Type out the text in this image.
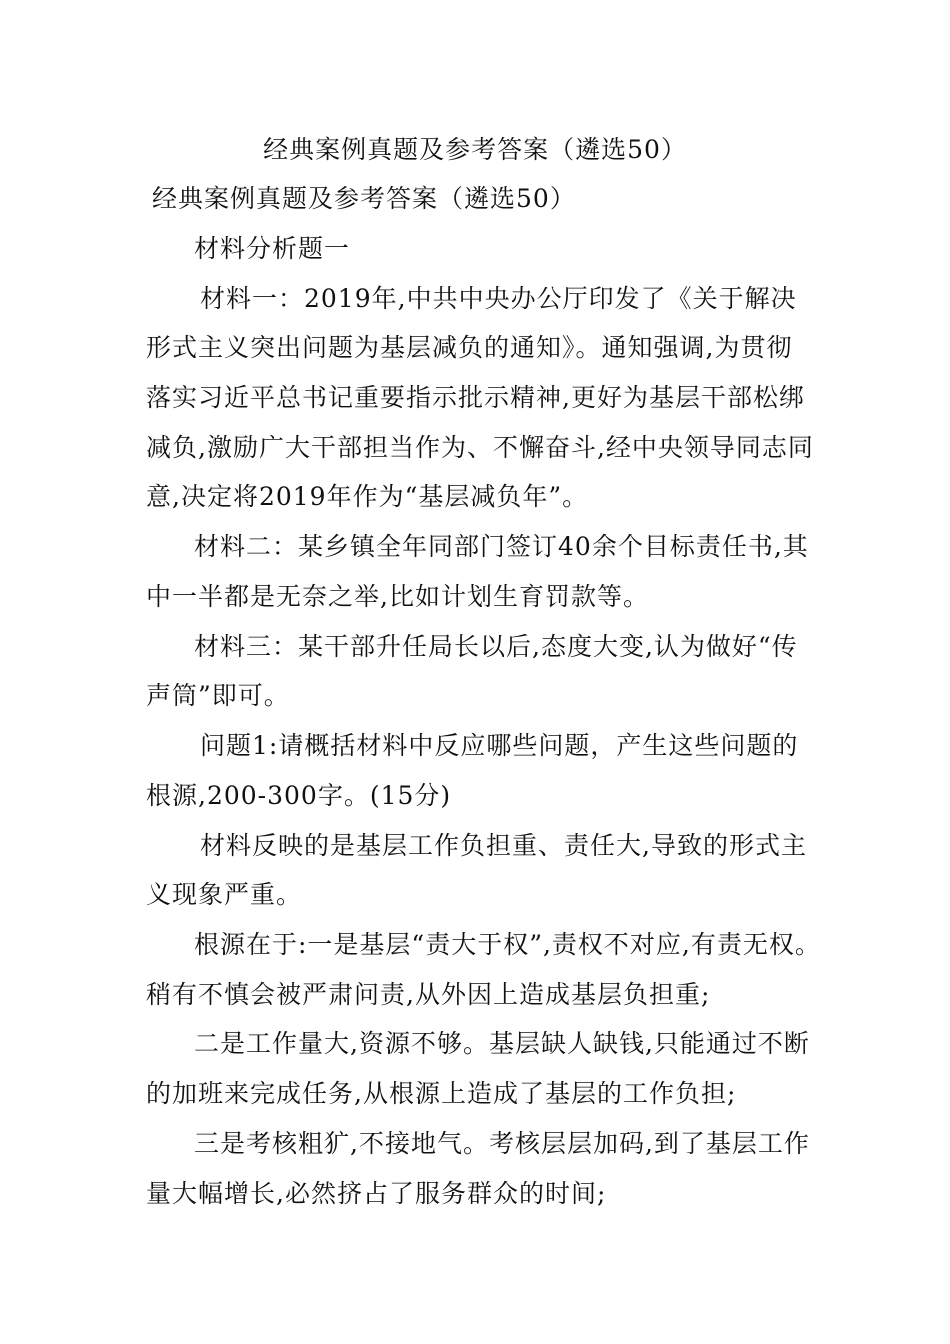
经典案例真题及参考答案（遴选50）

经典案例真题及参考答案（遴选50）

材料分析题一

材料一：2019年,中共中央办公厅印发了《关于解决

形式主义突出问题为基层减负的通知》。通知强调,为贯彻

落实习近平总书记重要指示批示精神,更好为基层干部松绑

减负,激励广大干部担当作为、不懈奋斗,经中央领导同志同

意,决定将2019年作为“基层减负年”。

材料二：某乡镇全年同部门签订40余个目标责任书,其

中一半都是无奈之举,比如计划生育罚款等。

材料三：某干部升任局长以后,态度大变,认为做好“传

声筒”即可。

问题1:请概括材料中反应哪些问题，产生这些问题的

根源,200-300字。(15分)

材料反映的是基层工作负担重、责任大,导致的形式主

义现象严重。

根源在于:一是基层“责大于权”,责权不对应,有责无权。

稍有不慎会被严肃问责,从外因上造成基层负担重;

二是工作量大,资源不够。基层缺人缺钱,只能通过不断

的加班来完成任务,从根源上造成了基层的工作负担;

三是考核粗犷,不接地气。考核层层加码,到了基层工作

量大幅增长,必然挤占了服务群众的时间;
